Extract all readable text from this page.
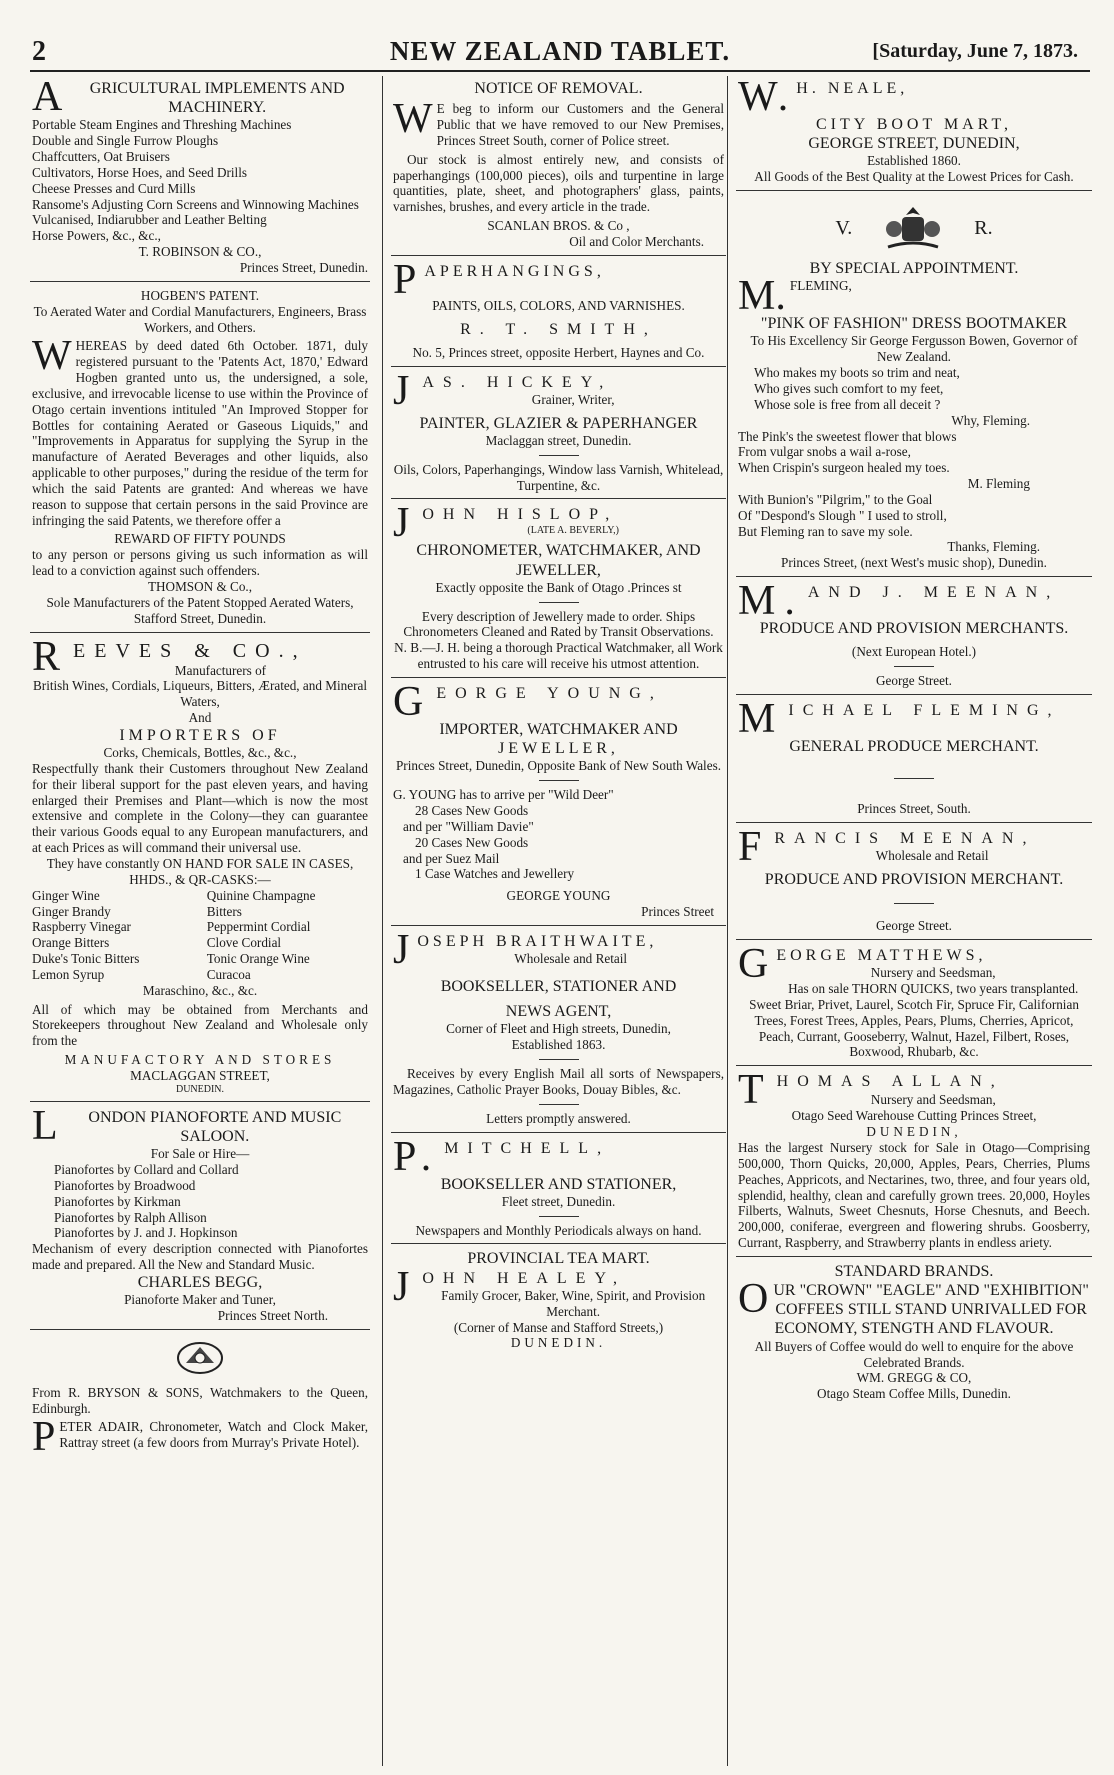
2	NEW ZEALAND TABLET.	[Saturday, June 7, 1873.
A GRICULTURAL IMPLEMENTS AND MACHINERY.
Portable Steam Engines and Threshing Machines
Double and Single Furrow Ploughs
Chaffcutters, Oat Bruisers
Cultivators, Horse Hoes, and Seed Drills
Cheese Presses and Curd Mills
Ransome's Adjusting Corn Screens and Winnowing Machines
Vulcanised, Indiarubber and Leather Belting
Horse Powers, &c., &c.,
T. ROBINSON & CO.,
Princes Street, Dunedin.
HOGBEN'S PATENT.
To Aerated Water and Cordial Manufacturers, Engineers, Brass Workers, and Others.
WHEREAS by deed dated 6th October. 1871, duly registered pursuant to the 'Patents Act, 1870,' Edward Hogben granted unto us, the undersigned, a sole, exclusive, and irrevocable license to use within the Province of Otago certain inventions intituled "An Improved Stopper for Bottles for containing Aerated or Gaseous Liquids," and "Improvements in Apparatus for supplying the Syrup in the manufacture of Aerated Beverages and other liquids, also applicable to other purposes," during the residue of the term for which the said Patents are granted: And whereas we have reason to suppose that certain persons in the said Province are infringing the said Patents, we therefore offer a
REWARD OF FIFTY POUNDS
to any person or persons giving us such information as will lead to a conviction against such offenders.
THOMSON & Co.,
Sole Manufacturers of the Patent Stopped Aerated Waters, Stafford Street, Dunedin.
REEVES & CO.,
Manufacturers of
British Wines, Cordials, Liqueurs, Bitters, Ærated, and Mineral Waters,
And
IMPORTERS OF
Corks, Chemicals, Bottles, &c., &c.,
Respectfully thank their Customers throughout New Zealand for their liberal support for the past eleven years, and having enlarged their Premises and Plant—which is now the most extensive and complete in the Colony—they can guarantee their various Goods equal to any European manufacturers, and at each Prices as will command their universal use.
They have constantly ON HAND FOR SALE IN CASES, HHDS., & QR-CASKS:—
Ginger Wine	Quinine Champagne
Ginger Brandy	Bitters
Raspberry Vinegar	Peppermint Cordial
Orange Bitters	Clove Cordial
Duke's Tonic Bitters	Tonic Orange Wine
Lemon Syrup	Curacoa
Maraschino, &c., &c.
All of which may be obtained from Merchants and Storekeepers throughout New Zealand and Wholesale only from the
MANUFACTORY AND STORES
MACLAGGAN STREET,
DUNEDIN.
L ONDON PIANOFORTE AND MUSIC SALOON.
For Sale or Hire—
Pianofortes by Collard and Collard
Pianofortes by Broadwood
Pianofortes by Kirkman
Pianofortes by Ralph Allison
Pianofortes by J. and J. Hopkinson
Mechanism of every description connected with Pianofortes made and prepared. All the New and Standard Music.
CHARLES BEGG,
Pianoforte Maker and Tuner,
Princes Street North.
From R. BRYSON & SONS, Watchmakers to the Queen, Edinburgh.
PETER ADAIR, Chronometer, Watch and Clock Maker, Rattray street (a few doors from Murray's Private Hotel).
NOTICE OF REMOVAL.
W E beg to inform our Customers and the General Public that we have removed to our New Premises, Princes Street South, corner of Police street.
Our stock is almost entirely new, and consists of paperhangings (100,000 pieces), oils and turpentine in large quantities, plate, sheet, and photographers' glass, paints, varnishes, brushes, and every article in the trade.
SCANLAN BROS. & Co ,
Oil and Color Merchants.
PAPERHANGINGS,
PAINTS, OILS, COLORS, AND VARNISHES.
R. T. SMITH,
No. 5, Princes street, opposite Herbert, Haynes and Co.
JAS. HICKEY,
Grainer, Writer,
PAINTER, GLAZIER & PAPERHANGER
Maclaggan street, Dunedin.
Oils, Colors, Paperhangings, Window lass Varnish, Whitelead, Turpentine, &c.
JOHN HISLOP,
(LATE A. BEVERLY,)
CHRONOMETER, WATCHMAKER, AND JEWELLER,
Exactly opposite the Bank of Otago .Princes st
Every description of Jewellery made to order. Ships Chronometers Cleaned and Rated by Transit Observations.
N. B.—J. H. being a thorough Practical Watchmaker, all Work entrusted to his care will receive his utmost attention.
GEORGE YOUNG,
IMPORTER, WATCHMAKER AND
JEWELLER,
Princes Street, Dunedin, Opposite Bank of New South Wales.
G. YOUNG has to arrive per "Wild Deer"
28 Cases New Goods
and per "William Davie"
20 Cases New Goods
and per Suez Mail
1 Case Watches and Jewellery
GEORGE YOUNG
Princes Street
JOSEPH BRAITHWAITE,
Wholesale and Retail
BOOKSELLER, STATIONER AND
NEWS AGENT,
Corner of Fleet and High streets, Dunedin,
Established 1863.
Receives by every English Mail all sorts of Newspapers, Magazines, Catholic Prayer Books, Douay Bibles, &c.
Letters promptly answered.
P. MITCHELL,
BOOKSELLER AND STATIONER,
Fleet street, Dunedin.
Newspapers and Monthly Periodicals always on hand.
PROVINCIAL TEA MART.
JOHN HEALEY,
Family Grocer, Baker, Wine, Spirit, and Provision Merchant.
(Corner of Manse and Stafford Streets,)
DUNEDIN.
W. H. NEALE,
CITY BOOT MART,
GEORGE STREET, DUNEDIN,
Established 1860.
All Goods of the Best Quality at the Lowest Prices for Cash.
V.	R.
BY SPECIAL APPOINTMENT.
M. FLEMING,
"PINK OF FASHION" DRESS BOOTMAKER
To His Excellency Sir George Fergusson Bowen, Governor of New Zealand.
Who makes my boots so trim and neat,
Who gives such comfort to my feet,
Whose sole is free from all deceit ?
Why, Fleming.
The Pink's the sweetest flower that blows
From vulgar snobs a wail a-rose,
When Crispin's surgeon healed my toes.
M. Fleming
With Bunion's "Pilgrim," to the Goal
Of "Despond's Slough " I used to stroll,
But Fleming ran to save my sole.
Thanks, Fleming.
Princes Street, (next West's music shop), Dunedin.
M. AND J. MEENAN,
PRODUCE AND PROVISION MERCHANTS.
(Next European Hotel.)
George Street.
MICHAEL FLEMING,
GENERAL PRODUCE MERCHANT.
Princes Street, South.
FRANCIS MEENAN,
Wholesale and Retail
PRODUCE AND PROVISION MERCHANT.
George Street.
GEORGE MATTHEWS,
Nursery and Seedsman,
Has on sale THORN QUICKS, two years transplanted.
Sweet Briar, Privet, Laurel, Scotch Fir, Spruce Fir, Californian Trees, Forest Trees, Apples, Pears, Plums, Cherries, Apricot, Peach, Currant, Gooseberry, Walnut, Hazel, Filbert, Roses, Boxwood, Rhubarb, &c.
THOMAS ALLAN,
Nursery and Seedsman,
Otago Seed Warehouse Cutting Princes Street,
DUNEDIN,
Has the largest Nursery stock for Sale in Otago—Comprising 500,000, Thorn Quicks, 20,000, Apples, Pears, Cherries, Plums Peaches, Appricots, and Nectarines, two, three, and four years old, splendid, healthy, clean and carefully grown trees. 20,000, Hoyles Filberts, Walnuts, Sweet Chesnuts, Horse Chesnuts, and Beech. 200,000, coniferae, evergreen and flowering shrubs. Goosberry, Currant, Raspberry, and Strawberry plants in endless ariety.
STANDARD BRANDS.
OUR "CROWN" "EAGLE" AND "EXHIBITION" COFFEES STILL STAND UNRIVALLED FOR ECONOMY, STENGTH AND FLAVOUR.
All Buyers of Coffee would do well to enquire for the above Celebrated Brands.
WM. GREGG & CO,
Otago Steam Coffee Mills, Dunedin.
